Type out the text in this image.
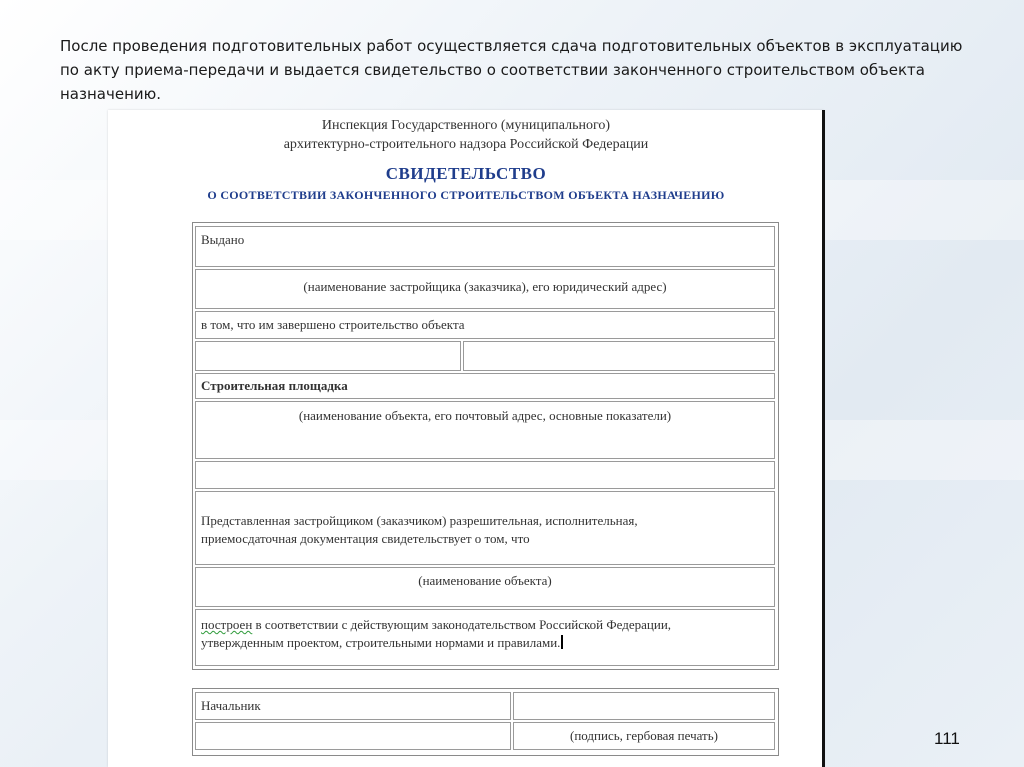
После проведения подготовительных работ осуществляется сдача подготовительных объектов в эксплуатацию по акту приема-передачи и выдается свидетельство о соответствии законченного строительством объекта назначению.

Инспекция Государственного (муниципального)
архитектурно-строительного надзора Российской Федерации
СВИДЕТЕЛЬСТВО
О СООТВЕТСТВИИ ЗАКОНЧЕННОГО СТРОИТЕЛЬСТВОМ ОБЪЕКТА НАЗНАЧЕНИЮ
Выдано
(наименование застройщика (заказчика), его юридический адрес)
в том, что им завершено строительство объекта
Строительная площадка
(наименование объекта, его почтовый адрес, основные показатели)
Представленная застройщиком (заказчиком) разрешительная, исполнительная,
приемосдаточная документация свидетельствует о том, что
(наименование объекта)
построен в соответствии с действующим законодательством Российской Федерации,
утвержденным проектом, строительными нормами и правилами.
Начальник
(подпись, гербовая печать)	111
